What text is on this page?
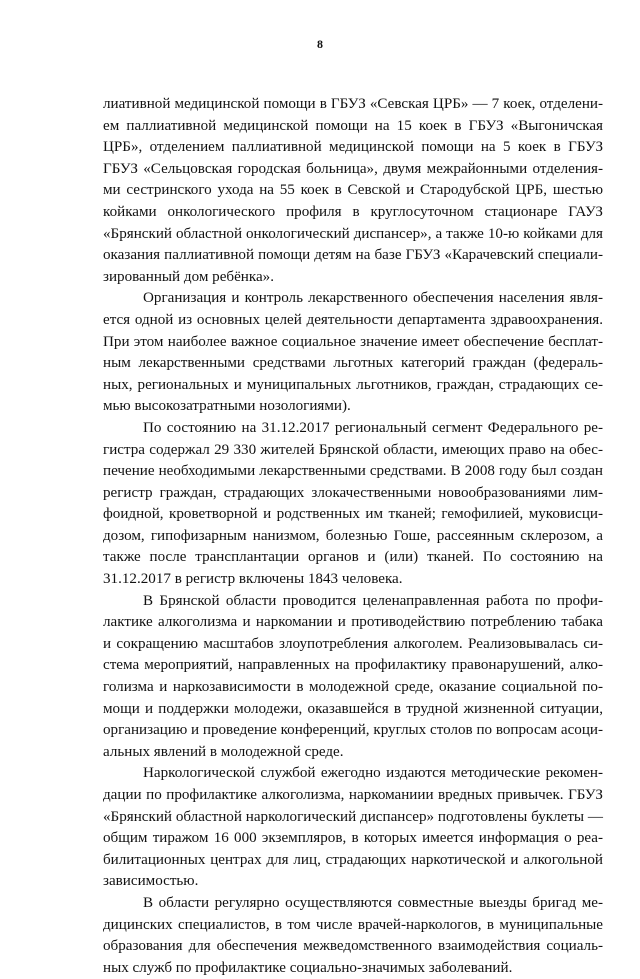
8
лиативной медицинской помощи в ГБУЗ «Севская ЦРБ» — 7 коек, отделени-
ем паллиативной медицинской помощи на 15 коек в ГБУЗ «Выгоничская
ЦРБ», отделением паллиативной медицинской помощи на 5 коек в ГБУЗ
ГБУЗ «Сельцовская городская больница», двумя межрайонными отделения-
ми сестринского ухода на 55 коек в Севской и Стародубской ЦРБ, шестью
койками онкологического профиля в круглосуточном стационаре ГАУЗ
«Брянский областной онкологический диспансер», а также 10-ю койками для
оказания паллиативной помощи детям на базе ГБУЗ «Карачевский специали-
зированный дом ребёнка».
Организация и контроль лекарственного обеспечения населения явля-
ется одной из основных целей деятельности департамента здравоохранения.
При этом наиболее важное социальное значение имеет обеспечение бесплат-
ным лекарственными средствами льготных категорий граждан (федераль-
ных, региональных и муниципальных льготников, граждан, страдающих се-
мью высокозатратными нозологиями).
По состоянию на 31.12.2017 региональный сегмент Федерального ре-
гистра содержал 29 330 жителей Брянской области, имеющих право на обес-
печение необходимыми лекарственными средствами. В 2008 году был создан
регистр граждан, страдающих злокачественными новообразованиями лим-
фоидной, кроветворной и родственных им тканей; гемофилией, муковисци-
дозом, гипофизарным нанизмом, болезнью Гоше, рассеянным склерозом, а
также после трансплантации органов и (или) тканей. По состоянию на
31.12.2017 в регистр включены 1843 человека.
В Брянской области проводится целенаправленная работа по профи-
лактике алкоголизма и наркомании и противодействию потреблению табака
и сокращению масштабов злоупотребления алкоголем. Реализовывалась си-
стема мероприятий, направленных на профилактику правонарушений, алко-
голизма и наркозависимости в молодежной среде, оказание социальной по-
мощи и поддержки молодежи, оказавшейся в трудной жизненной ситуации,
организацию и проведение конференций, круглых столов по вопросам асоци-
альных явлений в молодежной среде.
Наркологической службой ежегодно издаются методические рекомен-
дации по профилактике алкоголизма, наркоманиии вредных привычек. ГБУЗ
«Брянский областной наркологический диспансер» подготовлены буклеты —
общим тиражом 16 000 экземпляров, в которых имеется информация о реа-
билитационных центрах для лиц, страдающих наркотической и алкогольной
зависимостью.
В области регулярно осуществляются совместные выезды бригад ме-
дицинских специалистов, в том числе врачей-наркологов, в муниципальные
образования для обеспечения межведомственного взаимодействия социаль-
ных служб по профилактике социально-значимых заболеваний.
